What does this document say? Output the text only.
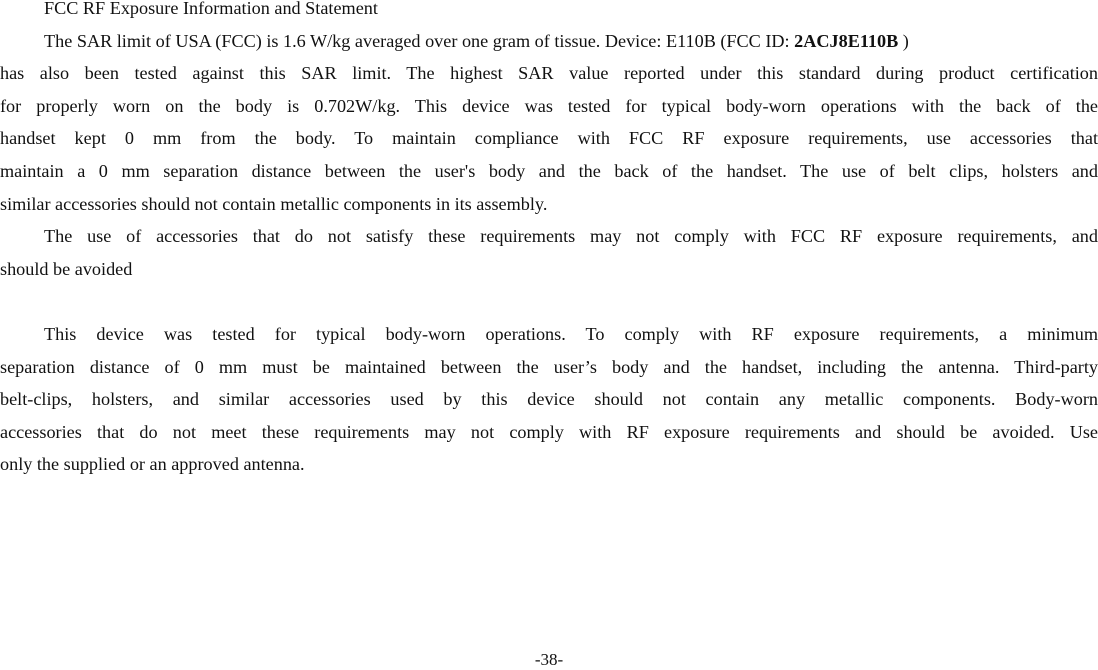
FCC RF Exposure Information and Statement
The SAR limit of USA (FCC) is 1.6 W/kg averaged over one gram of tissue. Device: E110B (FCC ID: 2ACJ8E110B )
has also been tested against this SAR limit. The highest SAR value reported under this standard during product certification
for properly worn on the body is 0.702W/kg. This device was tested for typical body-worn operations with the back of the
handset kept 0 mm from the body. To maintain compliance with FCC RF exposure requirements, use accessories that
maintain a 0 mm separation distance between the user's body and the back of the handset. The use of belt clips, holsters and
similar accessories should not contain metallic components in its assembly.
The use of accessories that do not satisfy these requirements may not comply with FCC RF exposure requirements, and
should be avoided
This device was tested for typical body-worn operations. To comply with RF exposure requirements, a minimum
separation distance of 0 mm must be maintained between the user’s body and the handset, including the antenna. Third-party
belt-clips, holsters, and similar accessories used by this device should not contain any metallic components. Body-worn
accessories that do not meet these requirements may not comply with RF exposure requirements and should be avoided. Use
only the supplied or an approved antenna.
-38-
